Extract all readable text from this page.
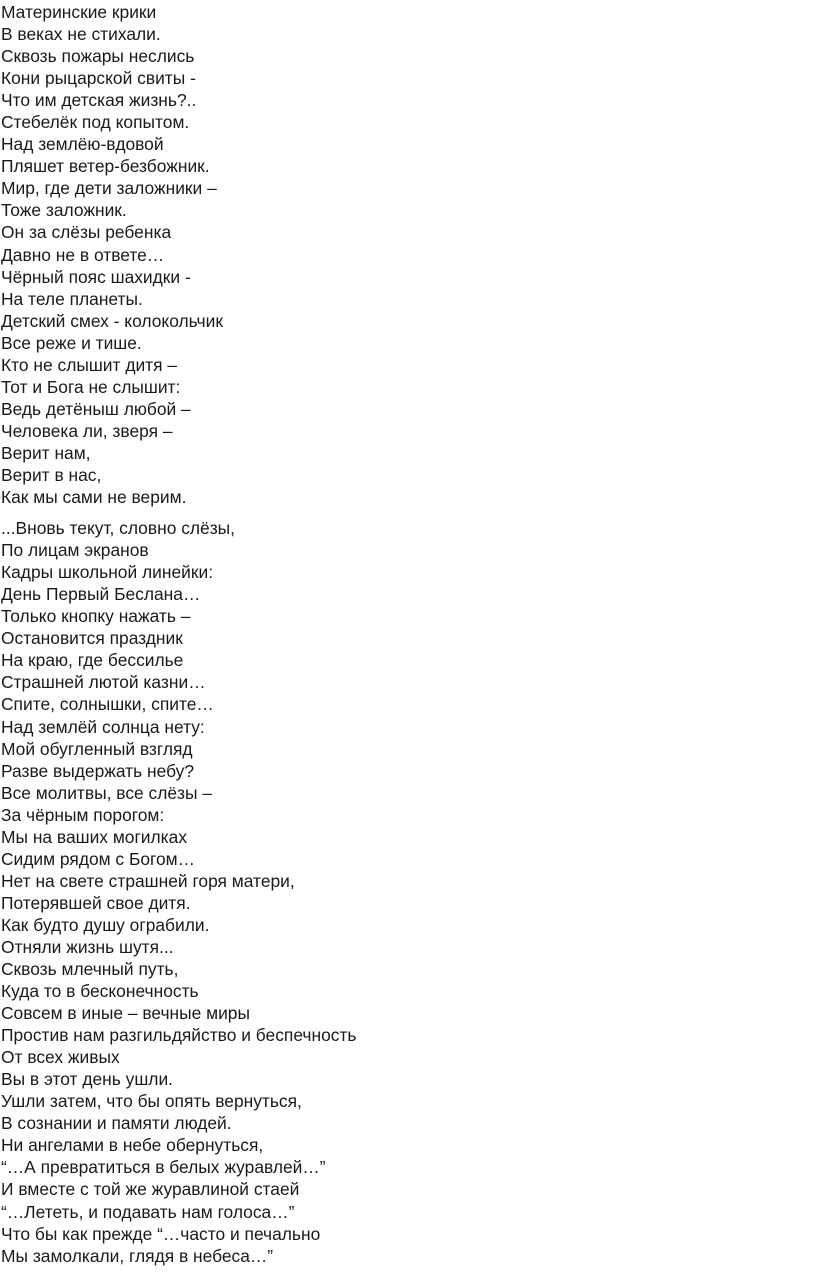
Материнские крики
В веках не стихали.
Сквозь пожары неслись
Кони рыцарской свиты -
Что им детская жизнь?..
Стебелёк под копытом.
Над землёю-вдовой
Пляшет ветер-безбожник.
Мир, где дети заложники –
Тоже заложник.
Он за слёзы ребенка
Давно не в ответе…
Чёрный пояс шахидки -
На теле планеты.
Детский смех - колокольчик
Все реже и тише.
Кто не слышит дитя –
Тот и Бога не слышит:
Ведь детёныш любой –
Человека ли, зверя –
Верит нам,
Верит в нас,
Как мы сами не верим.
...Вновь текут, словно слёзы,
По лицам экранов
Кадры школьной линейки:
День Первый Беслана…
Только кнопку нажать –
Остановится праздник
На краю, где бессилье
Страшней лютой казни…
Спите, солнышки, спите…
Над землёй солнца нету:
Мой обугленный взгляд
Разве выдержать небу?
Все молитвы, все слёзы –
За чёрным порогом:
Мы на ваших могилках
Сидим рядом с Богом…
Нет на свете страшней горя матери,
Потерявшей свое дитя.
Как будто душу ограбили.
Отняли жизнь шутя...
Сквозь млечный путь,
Куда то в бесконечность
Совсем в иные – вечные миры
Простив нам разгильдяйство и беспечность
От всех живых
Вы в этот день ушли.
Ушли затем, что бы опять вернуться,
В сознании и памяти людей.
Ни ангелами в небе обернуться,
“…А превратиться в белых журавлей…”
И вместе с той же журавлиной стаей
“…Лететь, и подавать нам голоса…”
Что бы как прежде “…часто и печально
Мы замолкали, глядя в небеса…”
